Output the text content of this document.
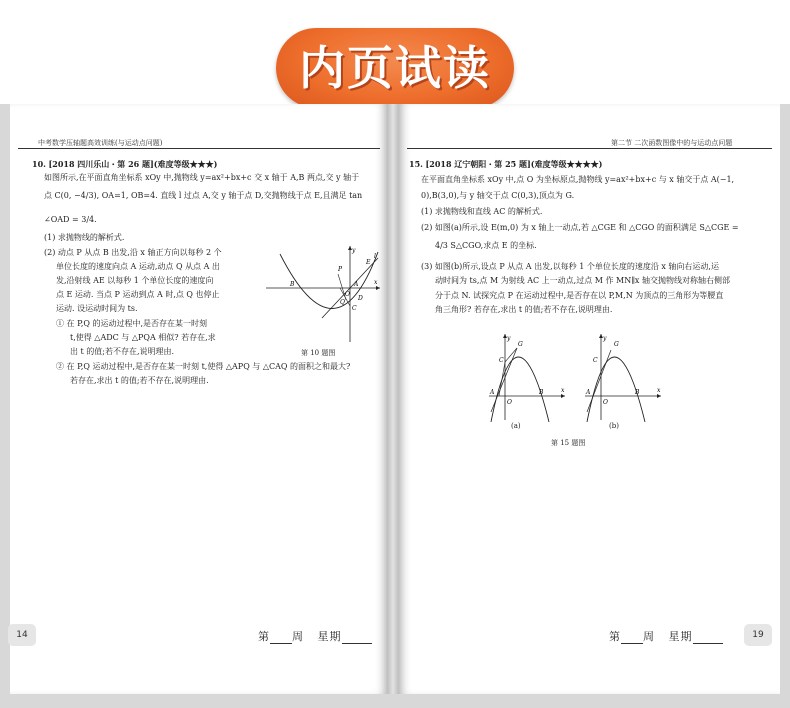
内页试读
中考数学压轴题高效训练(与运动点问题)
10. [2018 四川乐山・第 26 题](难度等级★★★)
如图所示,在平面直角坐标系 xOy 中,抛物线 y=ax²+bx+c 交 x 轴于 A,B 两点,交 y 轴于
点 C(0, −4/3), OA=1, OB=4. 直线 l 过点 A,交 y 轴于点 D,交抛物线于点 E,且满足 tan
∠OAD = 3/4.
(1) 求抛物线的解析式.
(2) 动点 P 从点 B 出发,沿 x 轴正方向以每秒 2 个
单位长度的速度向点 A 运动,动点 Q 从点 A 出
发,沿射线 AE 以每秒 1 个单位长度的速度向
点 E 运动. 当点 P 运动到点 A 时,点 Q 也停止
运动. 设运动时间为 ts.
① 在 P,Q 的运动过程中,是否存在某一时刻
t,使得 △ADC 与 △PQA 相似? 若存在,求
出 t 的值;若不存在,说明理由.
② 在 P,Q 运动过程中,是否存在某一时刻 t,使得 △APQ 与 △CAQ 的面积之和最大?
若存在,求出 t 的值;若不存在,说明理由.
y
x
O
A
B
C
D
E
P
Q
l
第 10 题图
14	第 周 星期
第二节 二次函数图像中的与运动点问题
15. [2018 辽宁朝阳・第 25 题](难度等级★★★★)
在平面直角坐标系 xOy 中,点 O 为坐标原点,抛物线 y=ax²+bx+c 与 x 轴交于点 A(−1,
0),B(3,0),与 y 轴交于点 C(0,3),顶点为 G.
(1) 求抛物线和直线 AC 的解析式.
(2) 如图(a)所示,设 E(m,0) 为 x 轴上一动点,若 △CGE 和 △CGO 的面积满足 S△CGE =
4/3 S△CGO,求点 E 的坐标.
(3) 如图(b)所示,设点 P 从点 A 出发,以每秒 1 个单位长度的速度沿 x 轴向右运动,运
动时间为 ts,点 M 为射线 AC 上一动点,过点 M 作 MN∥x 轴交抛物线对称轴右侧部
分于点 N. 试探究点 P 在运动过程中,是否存在以 P,M,N 为顶点的三角形为等腰直
角三角形? 若存在,求出 t 的值;若不存在,说明理由.
y
x
O
A	B
C
G
(a)
y
x
O
A	B
C
G
(b)
第 15 题图
第 周 星期	19
